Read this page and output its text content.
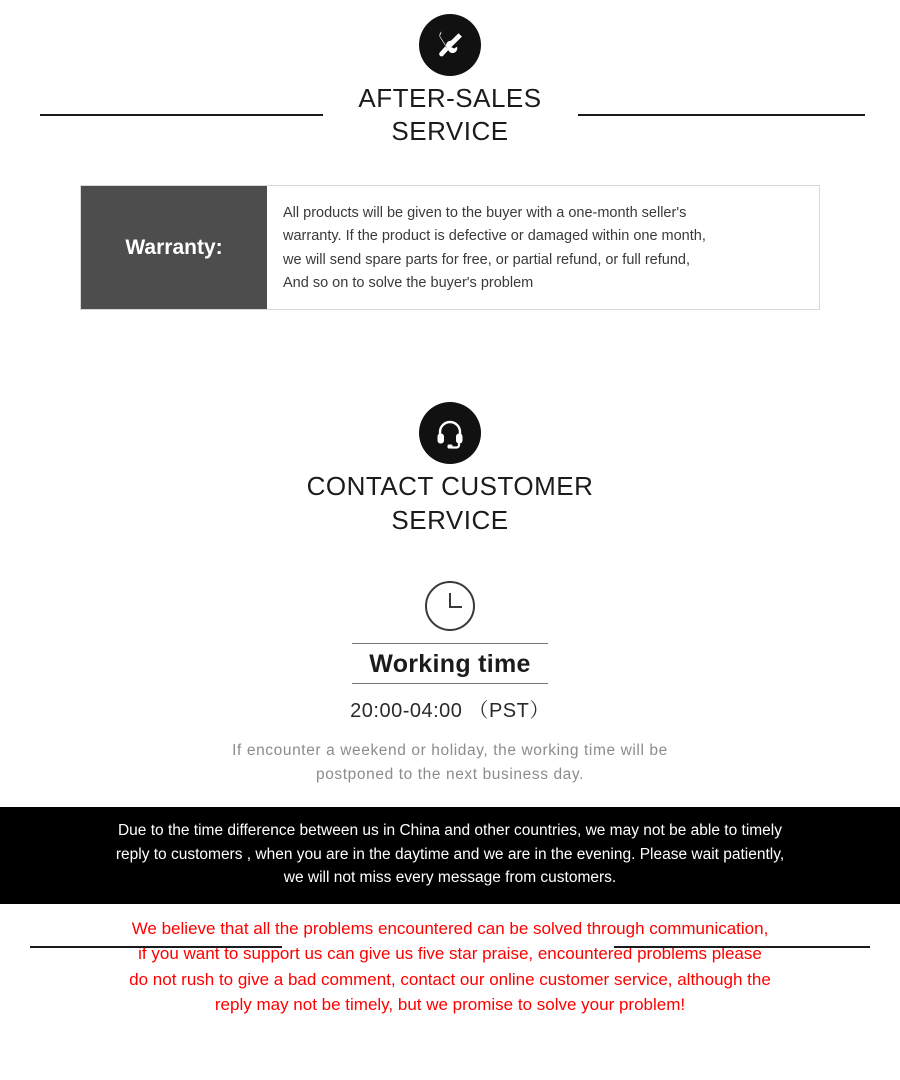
AFTER-SALES
SERVICE
Warranty:

All products will be given to the buyer with a one-month seller's

warranty. If the product is defective or damaged within one month,

we will send spare parts for free, or partial refund, or full refund,

And so on to solve the buyer's problem

CONTACT CUSTOMER
SERVICE
Working time
20:00-04:00 （PST）

If encounter a weekend or holiday, the working time will be

postponed to the next business day.

Due to the time difference between us in China and other countries, we may not be able to timely

reply to customers , when you are in the daytime and we are in the evening. Please wait patiently,

we will not miss every message from customers.

We believe that all the problems encountered can be solved through communication,

if you want to support us can give us five star praise, encountered problems please

do not rush to give a bad comment, contact our online customer service, although the

reply may not be timely, but we promise to solve your problem!
